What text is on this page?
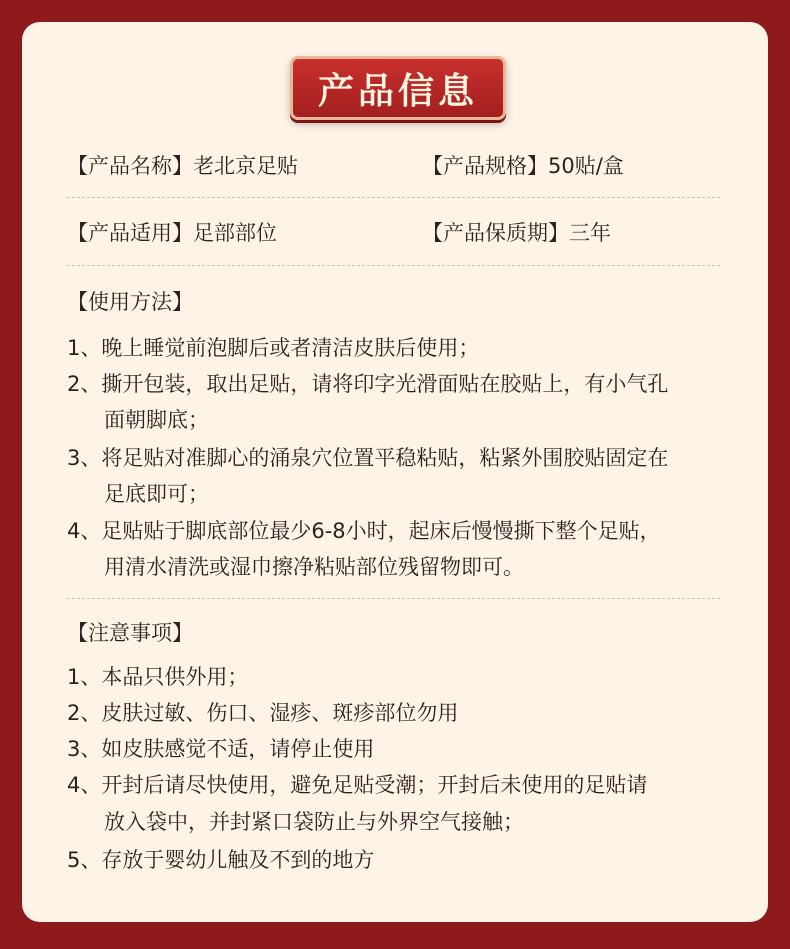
产品信息
【产品名称】老北京足贴	【产品规格】50贴/盒
【产品适用】足部部位	【产品保质期】三年
【使用方法】
1、晚上睡觉前泡脚后或者清洁皮肤后使用；
2、撕开包装，取出足贴，请将印字光滑面贴在胶贴上，有小气孔
面朝脚底；
3、将足贴对准脚心的涌泉穴位置平稳粘贴，粘紧外围胶贴固定在
足底即可；
4、足贴贴于脚底部位最少6-8小时，起床后慢慢撕下整个足贴，
用清水清洗或湿巾擦净粘贴部位残留物即可。
【注意事项】
1、本品只供外用；
2、皮肤过敏、伤口、湿疹、斑疹部位勿用
3、如皮肤感觉不适，请停止使用
4、开封后请尽快使用，避免足贴受潮；开封后未使用的足贴请
放入袋中，并封紧口袋防止与外界空气接触；
5、存放于婴幼儿触及不到的地方
